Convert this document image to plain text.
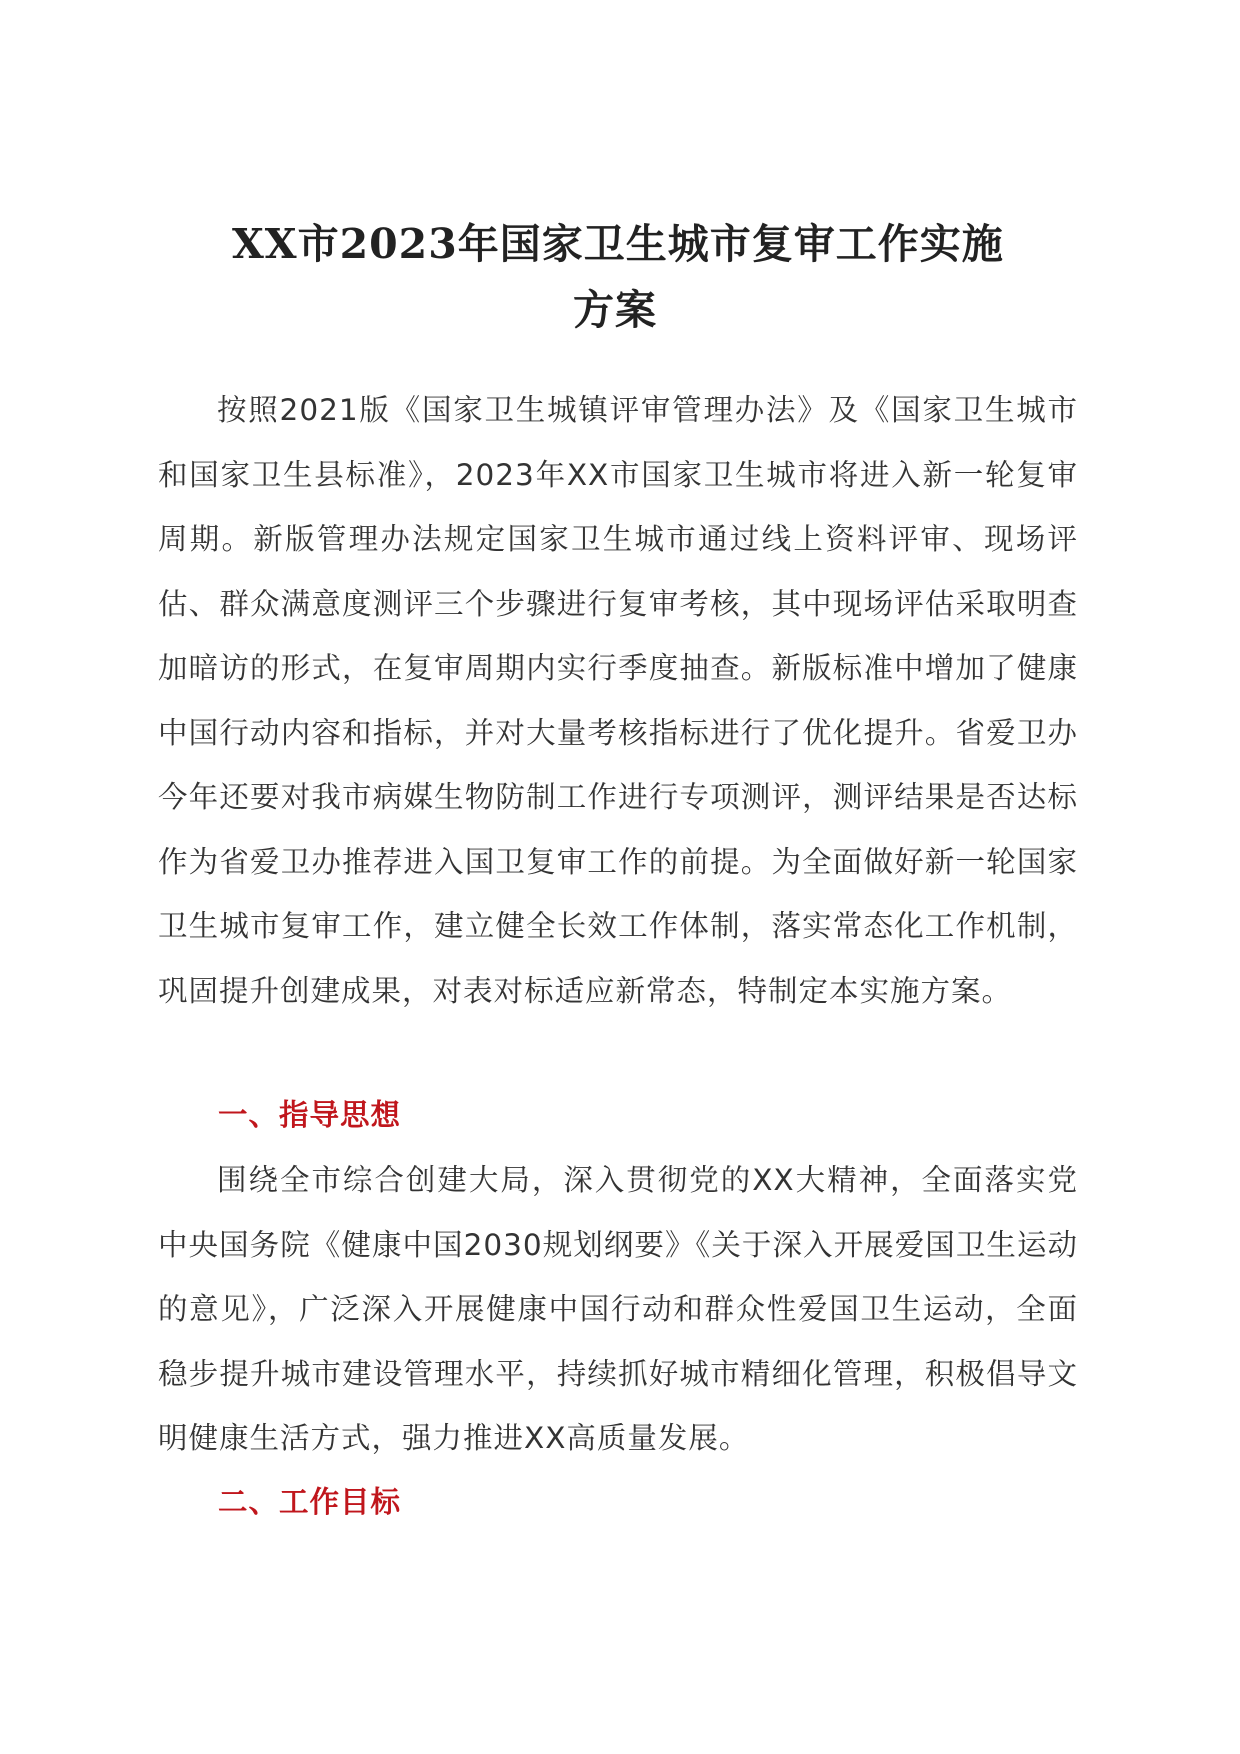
XX市2023年国家卫生城市复审工作实施
方案

按照2021版《国家卫生城镇评审管理办法》及《国家卫生城市和国家卫生县标准》，2023年XX市国家卫生城市将进入新一轮复审周期。新版管理办法规定国家卫生城市通过线上资料评审、现场评估、群众满意度测评三个步骤进行复审考核，其中现场评估采取明查加暗访的形式，在复审周期内实行季度抽查。新版标准中增加了健康中国行动内容和指标，并对大量考核指标进行了优化提升。省爱卫办今年还要对我市病媒生物防制工作进行专项测评，测评结果是否达标作为省爱卫办推荐进入国卫复审工作的前提。为全面做好新一轮国家卫生城市复审工作，建立健全长效工作体制，落实常态化工作机制，巩固提升创建成果，对表对标适应新常态，特制定本实施方案。

一、指导思想

围绕全市综合创建大局，深入贯彻党的XX大精神，全面落实党中央国务院《健康中国2030规划纲要》《关于深入开展爱国卫生运动的意见》，广泛深入开展健康中国行动和群众性爱国卫生运动，全面稳步提升城市建设管理水平，持续抓好城市精细化管理，积极倡导文明健康生活方式，强力推进XX高质量发展。

二、工作目标
